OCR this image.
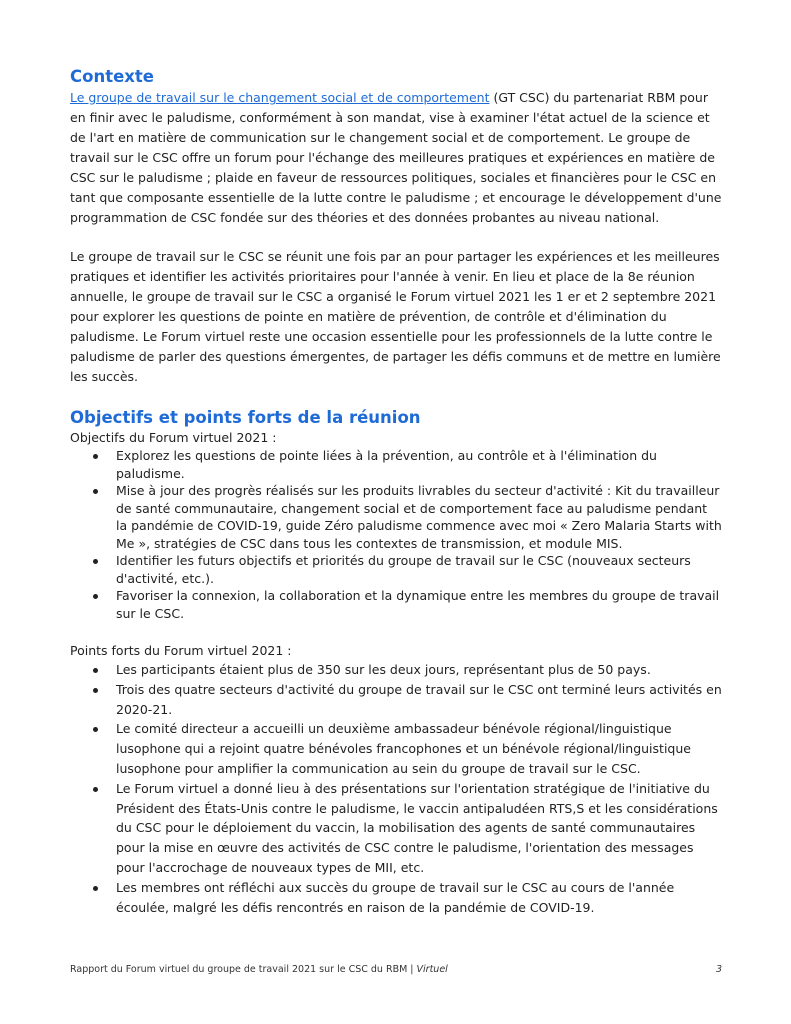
Contexte

Le groupe de travail sur le changement social et de comportement (GT CSC) du partenariat RBM pour en finir avec le paludisme, conformément à son mandat, vise à examiner l'état actuel de la science et de l'art en matière de communication sur le changement social et de comportement. Le groupe de travail sur le CSC offre un forum pour l'échange des meilleures pratiques et expériences en matière de CSC sur le paludisme ; plaide en faveur de ressources politiques, sociales et financières pour le CSC en tant que composante essentielle de la lutte contre le paludisme ; et encourage le développement d'une programmation de CSC fondée sur des théories et des données probantes au niveau national.

Le groupe de travail sur le CSC se réunit une fois par an pour partager les expériences et les meilleures pratiques et identifier les activités prioritaires pour l'année à venir. En lieu et place de la 8e réunion annuelle, le groupe de travail sur le CSC a organisé le Forum virtuel 2021 les 1 er et 2 septembre 2021 pour explorer les questions de pointe en matière de prévention, de contrôle et d'élimination du paludisme. Le Forum virtuel reste une occasion essentielle pour les professionnels de la lutte contre le paludisme de parler des questions émergentes, de partager les défis communs et de mettre en lumière les succès.

Objectifs et points forts de la réunion

Objectifs du Forum virtuel 2021 :

Explorez les questions de pointe liées à la prévention, au contrôle et à l'élimination du paludisme.
Mise à jour des progrès réalisés sur les produits livrables du secteur d'activité : Kit du travailleur de santé communautaire, changement social et de comportement face au paludisme pendant la pandémie de COVID-19, guide Zéro paludisme commence avec moi « Zero Malaria Starts with Me », stratégies de CSC dans tous les contextes de transmission, et module MIS.
Identifier les futurs objectifs et priorités du groupe de travail sur le CSC (nouveaux secteurs d'activité, etc.).
Favoriser la connexion, la collaboration et la dynamique entre les membres du groupe de travail sur le CSC.

Points forts du Forum virtuel 2021 :

Les participants étaient plus de 350 sur les deux jours, représentant plus de 50 pays.
Trois des quatre secteurs d'activité du groupe de travail sur le CSC ont terminé leurs activités en 2020-21.
Le comité directeur a accueilli un deuxième ambassadeur bénévole régional/linguistique lusophone qui a rejoint quatre bénévoles francophones et un bénévole régional/linguistique lusophone pour amplifier la communication au sein du groupe de travail sur le CSC.
Le Forum virtuel a donné lieu à des présentations sur l'orientation stratégique de l'initiative du Président des États-Unis contre le paludisme, le vaccin antipaludéen RTS,S et les considérations du CSC pour le déploiement du vaccin, la mobilisation des agents de santé communautaires pour la mise en œuvre des activités de CSC contre le paludisme, l'orientation des messages pour l'accrochage de nouveaux types de MII, etc.
Les membres ont réfléchi aux succès du groupe de travail sur le CSC au cours de l'année écoulée, malgré les défis rencontrés en raison de la pandémie de COVID-19.
Rapport du Forum virtuel du groupe de travail 2021 sur le CSC du RBM | Virtuel	3
